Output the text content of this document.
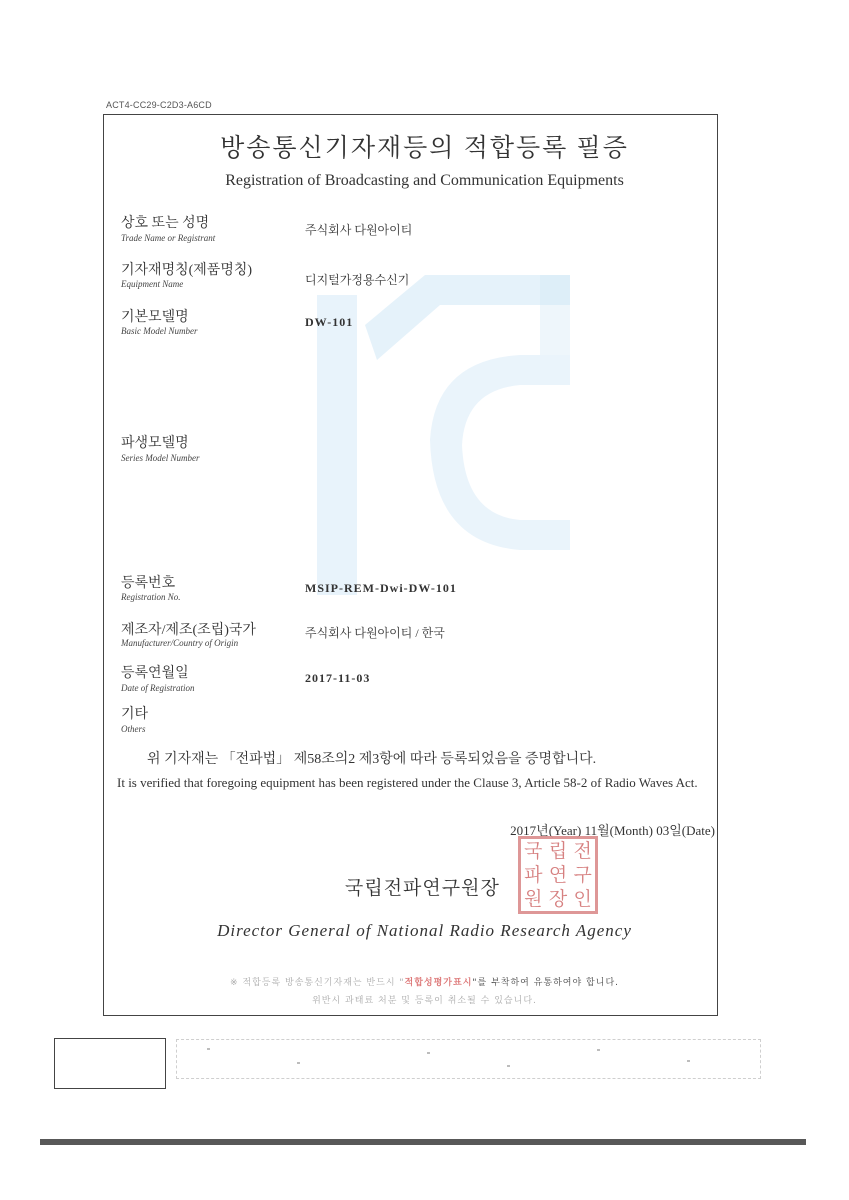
ACT4-CC29-C2D3-A6CD
방송통신기자재등의 적합등록 필증
Registration of Broadcasting and Communication Equipments
상호 또는 성명
Trade Name or Registrant
주식회사 다원아이티
기자재명칭(제품명칭)
Equipment Name	디지털가정용수신기
기본모델명
Basic Model Number
DW-101
파생모델명
Series Model Number
등록번호
Registration No.
MSIP-REM-Dwi-DW-101
제조자/제조(조립)국가
Manufacturer/Country of Origin
주식회사 다원아이티 / 한국
등록연월일
Date of Registration
2017-11-03
기타
Others
위 기자재는 「전파법」 제58조의2 제3항에 따라 등록되었음을 증명합니다.
It is verified that foregoing equipment has been registered under the Clause 3, Article 58-2 of Radio Waves Act.
2017년(Year) 11월(Month) 03일(Date)
국립전파연구원장
국 립 전
파 연 구
원 장 인
Director General of National Radio Research Agency
※ 적합등록 방송통신기자재는 반드시 "적합성평가표시"를 부착하여 유통하여야 합니다.
위반시 과태료 처분 및 등록이 취소될 수 있습니다.
